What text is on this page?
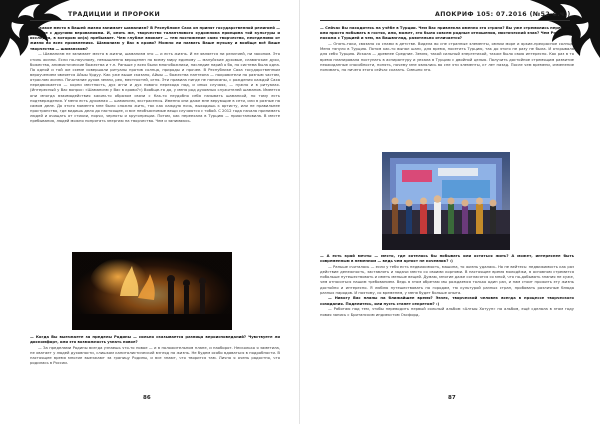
ТРАДИЦИИ И ПРОРОКИ

— А какое место в Вашей жизни занимает шаманизм? В Республике Саха он принят государственной религией — наравне с другими верованиями. И, опять же, творчество талантливого художника принципа той культуры и исследуя, в котором он(а) пребывает. Чем глубже вникает — тем постижение само творчество, неотделимо от жизни во всех проявлениях. Шаманизм у Вас в крови? Можно ли назвать Ваше музыку и вообще всё Ваше творчество — шаманским?

— Шаманизм не занимает места в жизни, шаманизм это — и есть жизнь. И не является ни религией, ни законом. Это стиль жизни. Если по-научному, немышленно вероценен по всему миру единому — малуйские духовые, славянские духи, божества, анимистические божества и т.п. Раньше у всех были многобожники, наследие нарий о ба, но система была одна. По одной и той же схеме совершали ритуалы против солнца, природы и прочее. В Республике Саха государственным вероучением является Айыы Урдуу. Как уже выше сказано, Айыы — божества пантеона — покровители по разным частям, отраслям жизни. Почитание духов земли, рек, местностей, огня. Эти правила нигде не написаны, с рождения каждой Саха передвижается — корни местность, дух агни и дух нового перехода над, и иных случаях, — нужно и в ритуалах. (Интересный у Вас вопрос: «Шаманизм у Вас в крови?») Вообще-то да, у меня род духовных служителей шаманов. Имеется они многда взаимодействия каким-то образом связи с Как-то неудобно себя называть шаманкой, но тому есть подтверждения. У меня есть духовная — шаманизм, экстрасенсы. Именно они даже мне верующие в сети, или в разные на самом деле. До этого момента мне было сложно жить, так как каждую ночь, выходишь к артисту, или не правильнее пространство, где видишь дело до настоящее, и все необъяснимые вещи случаются с тобой. С 2012 года начала принимать людей и очищать от стихии, порчи, черноты и кругопреции. Потом, как переехала в Турцию — приостановила. В месте пребывания, людей можно попрятать энергию на творчество. Чем и занимаюсь.

— Когда Вы выезжаете за пределы Родины — сильно сказывается разница вероисповеданий? Чувствуете ли дискомфорт, или это возможность узнать новое?

— За пределами Родины всегда узнаешь что-то новое — и в положительном плане, и наоборот. Несколько я заметила, не хватает у людей духовности, слишком капиталистический взгляд на жизнь. Не будем особо вдаваться в подробности. В настоящее время многие выезжают за границу Родины, и все знают, что творится там. Лично я очень радостно, что родилась в России.

86
АПОКРИФ 105: 07.2016 (№52 е.ч.)

— Сейчас Вы находитесь на учёбе в Турции. Чем Вас привлекла именно эта страна? Вы уже стремились переехать, или просто побывать в гостях, или, может, это было совсем родные отношения, мистический знак? Чем Россия так похожа с Турцией и чем, на Вашвзгляд, разительно отличается?

— Опять-таки, связано со снами в детстве. Видела во сне странные элементы, омнии море и яркие-прекрасное солнце. Меня тянуло в Турцию. Потом как-то выпал шанс, для время, посетить Турцию, так до этого не разу не была. И открывала для себя Турцию. Искала — древнее Средние. Земля, такой сильный энергетикой, также было свою интересно. Как раз в то время планировала поступать в аспирантуру и уехала в Турцию с двойной целью. Получить достойное стремящим развитие неожиданные способности, понять, почему мне являлись во сне эти элементы, кт лет назад. После чем времени, изменение понимать, но ничего этого сейчас сказать. Смешно это.

— А есть край мечты — место, где хотелось бы побывать или остаться жить? А может, интереснее быть современным в неменном — ведь чем артист не кочевник? :)

— Раньше считалось — если у тебя есть недвижимость, машина, то жизнь удалась. Но не вейтесь: недвижимость как раз действие денежность, заставлять и задачи место со своими корнями. В настоящее время молодёжи, в основном стремится побольше путешествовать и иметь меньше вещей. Думаю, многие даже согласятся со мной, что по-добывать знания не хуже, чем относиться нашим требованием. Ведь в этом обретаю мы рождаемся только один раз, и нам стоит прожить эту жизнь достойно и интересно. Я люблю путешествовать по городам, тю культурой разных стран, пробовать различные блюда разных народов. И поэтому, со временем, у меня будет больше опыта.

— Никогу Вас планы на ближайшее время? Экзес, творческий человек всегда в процессе творческого созидания. Поделитесь, или пусть станет секретом? :)

— Работаю над тем, чтобы переводить первый сольный альбом «Алгыы Хотуун» на альбом, ещё сделала в этом году новая запись с Британским индиекстом Оксфорд.

87
